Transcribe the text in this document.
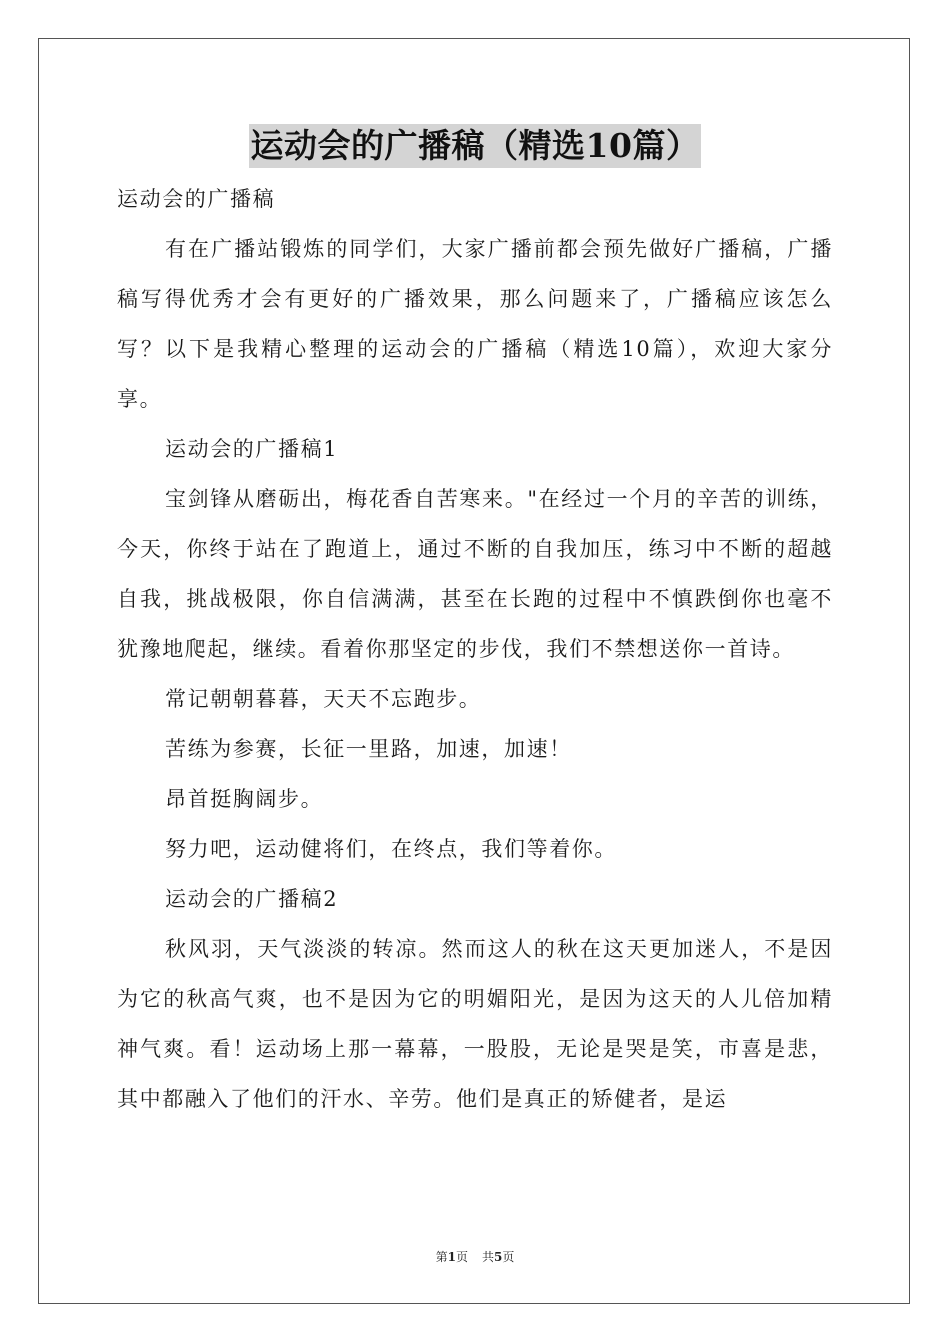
运动会的广播稿（精选10篇）

运动会的广播稿

有在广播站锻炼的同学们，大家广播前都会预先做好广播稿，广播稿写得优秀才会有更好的广播效果，那么问题来了，广播稿应该怎么写？以下是我精心整理的运动会的广播稿（精选10篇），欢迎大家分享。

运动会的广播稿1

宝剑锋从磨砺出，梅花香自苦寒来。"在经过一个月的辛苦的训练，今天，你终于站在了跑道上，通过不断的自我加压，练习中不断的超越自我，挑战极限，你自信满满，甚至在长跑的过程中不慎跌倒你也毫不犹豫地爬起，继续。看着你那坚定的步伐，我们不禁想送你一首诗。

常记朝朝暮暮，天天不忘跑步。

苦练为参赛，长征一里路，加速，加速！

昂首挺胸阔步。

努力吧，运动健将们，在终点，我们等着你。

运动会的广播稿2

秋风羽，天气淡淡的转凉。然而这人的秋在这天更加迷人，不是因为它的秋高气爽，也不是因为它的明媚阳光，是因为这天的人儿倍加精神气爽。看！运动场上那一幕幕，一股股，无论是哭是笑，市喜是悲，其中都融入了他们的汗水、辛劳。他们是真正的矫健者，是运

第1页 共5页
